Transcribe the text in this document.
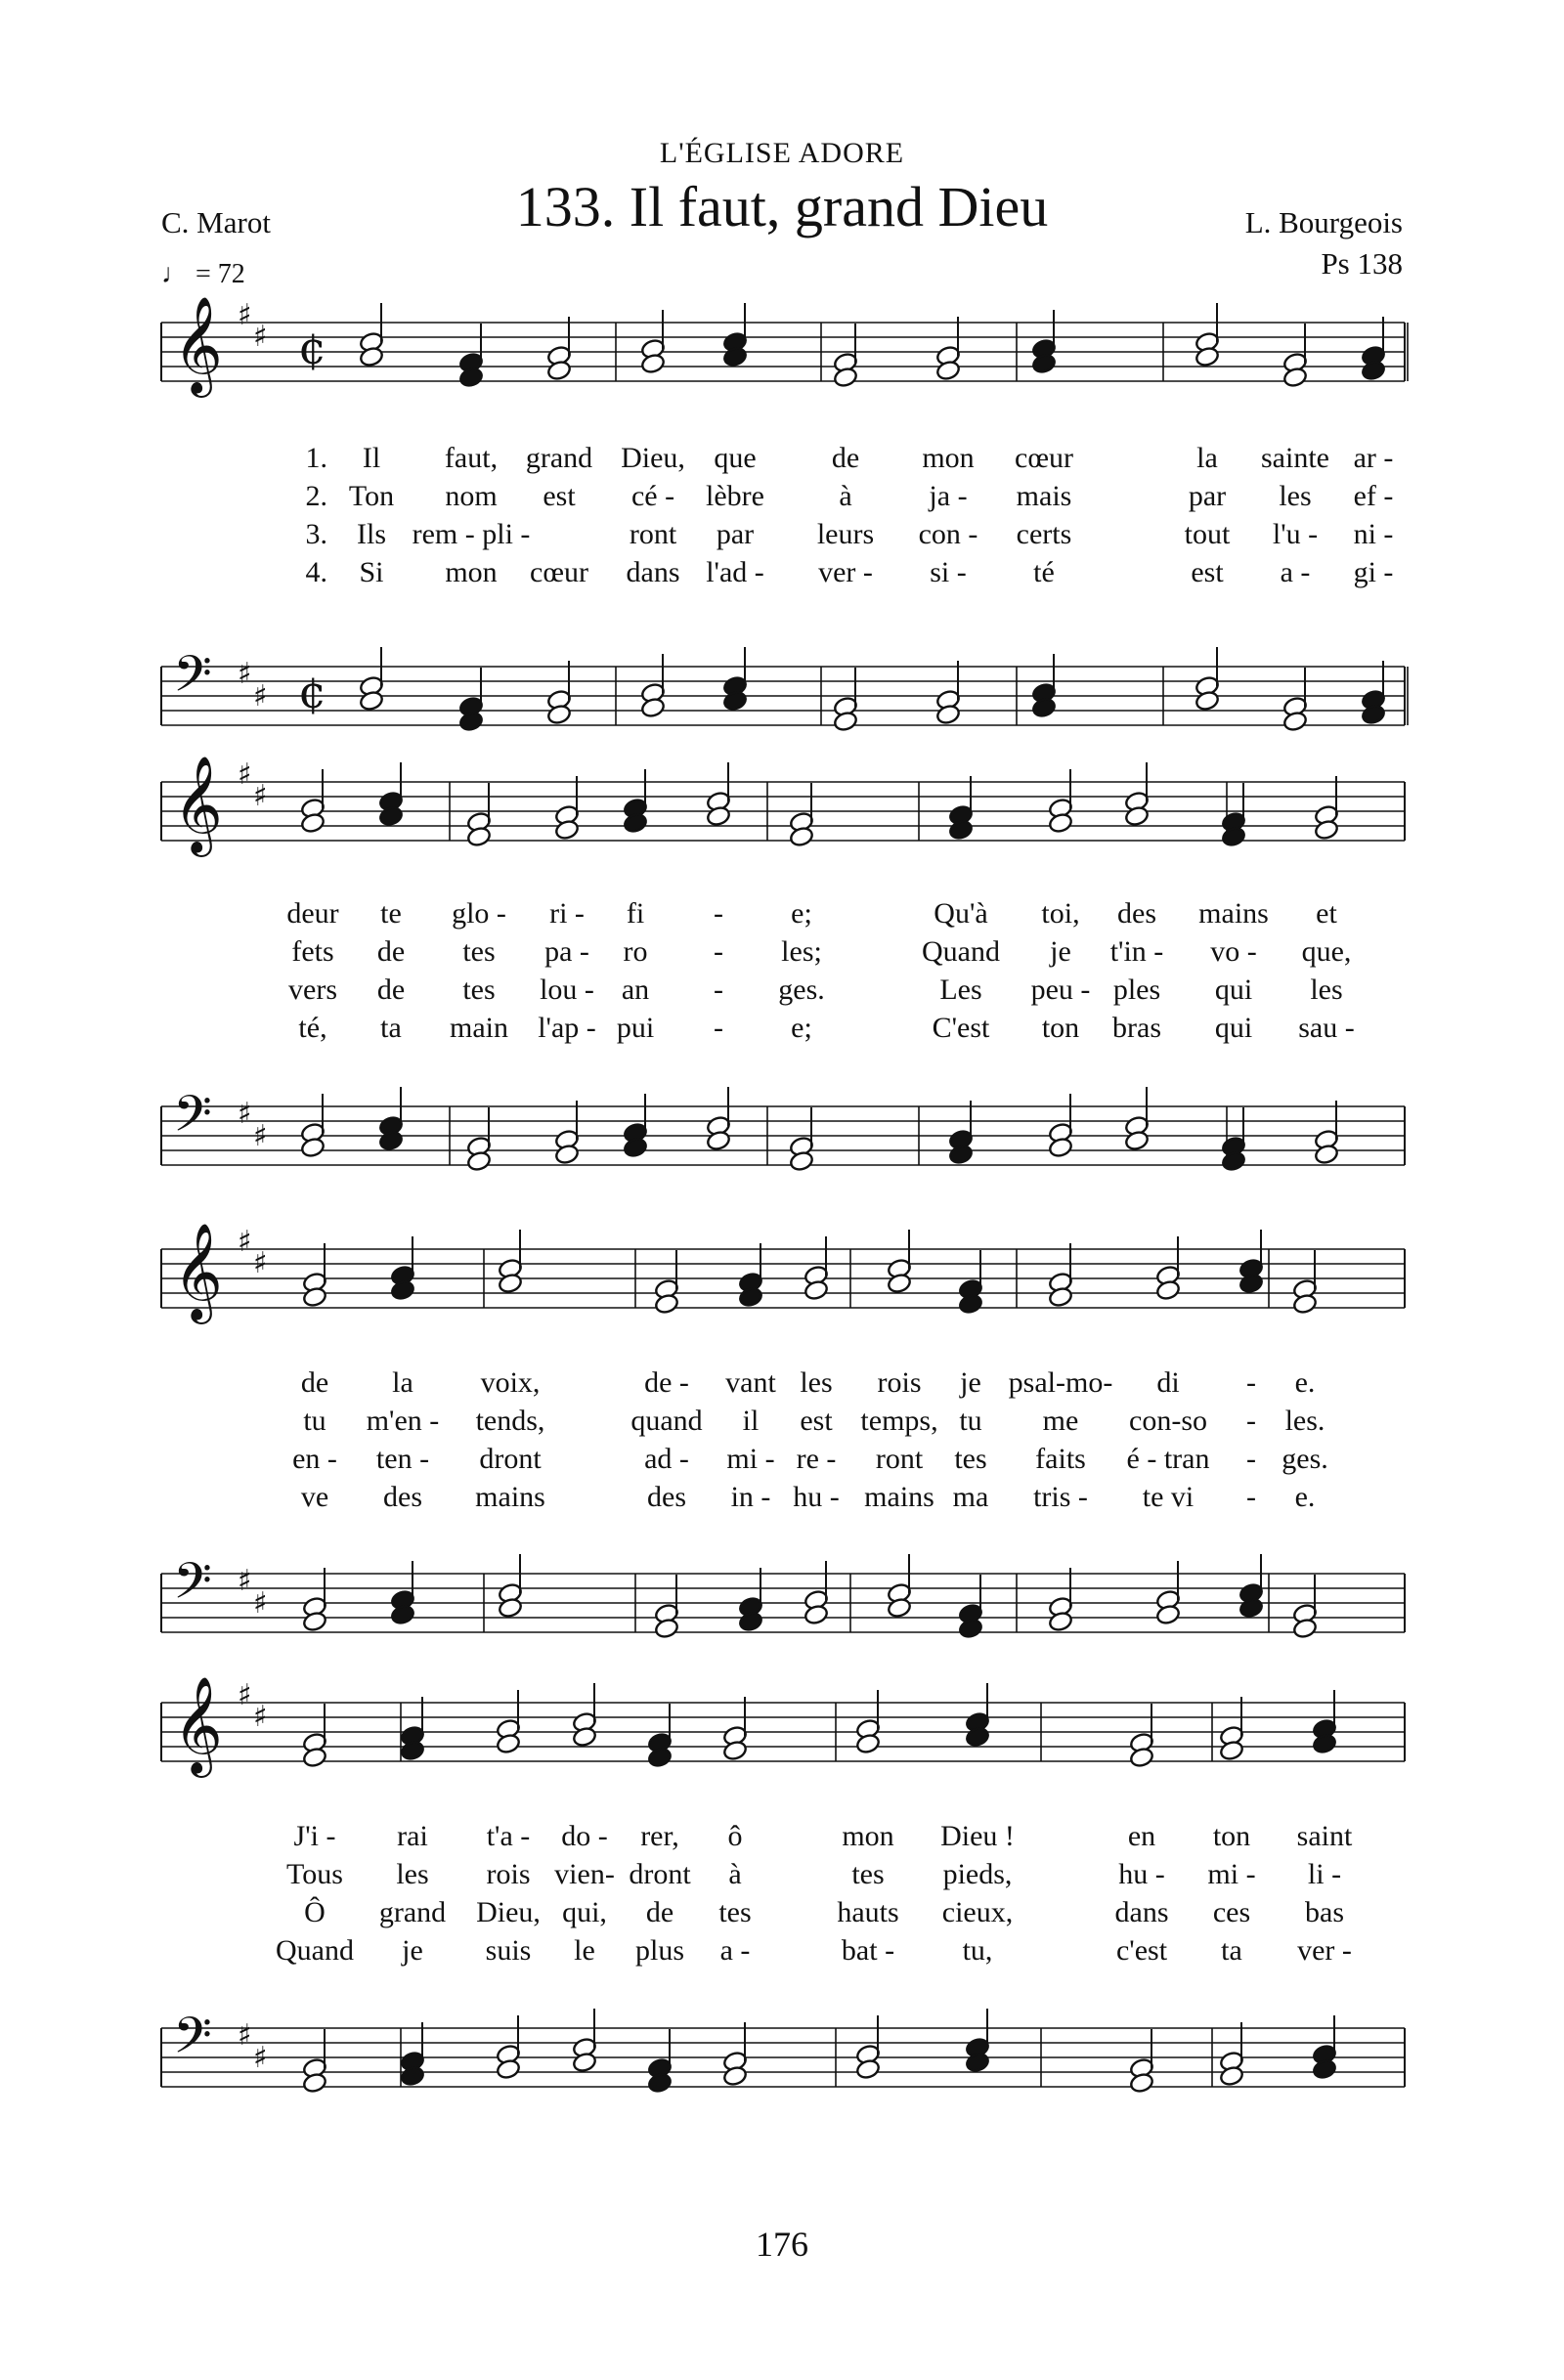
L'ÉGLISE ADORE
133. Il faut, grand Dieu
C. Marot	L. Bourgeois
Ps 138
♩ = 72
𝄞 ♯
♯ ¢
𝄢 ♯
♯ ¢
1. Il faut, grand Dieu, que	de mon cœur	la sainte ar -
2. Ton nom est cé - lèbre	à	ja - mais	par les ef -
3. Ils rem - pli -	ront par leurs con - certs	tout l'u - ni -
4. Si mon cœur dans l'ad - ver - si - té	est a - gi -
𝄞 ♯
♯
𝄢 ♯
♯
deur te glo - ri - fi - e;	Qu'à toi, des mains et
fets de tes pa - ro - les;	Quand je t'in - vo - que,
vers de tes lou - an - ges.	Les peu - ples qui les
té, ta main l'ap - pui - e;	C'est ton bras qui sau -
𝄞 ♯
♯
𝄢 ♯
♯
de la voix,	de - vant les rois je psal-mo- di - e.
tu m'en - tends,	quand il est temps, tu me con-so - les.
en - ten - dront	ad - mi - re - ront tes faits é - tran - ges.
ve des mains	des in - hu - mains ma tris - te vi - e.
𝄞 ♯
♯
𝄢 ♯
♯
J'i - rai t'a - do - rer, ô	mon Dieu !	en ton saint
Tous les rois vien- dront à	tes pieds,	hu - mi - li -
Ô grand Dieu, qui, de tes	hauts cieux,	dans ces bas
Quand je suis le plus a -	bat - tu,	c'est ta ver -
176
